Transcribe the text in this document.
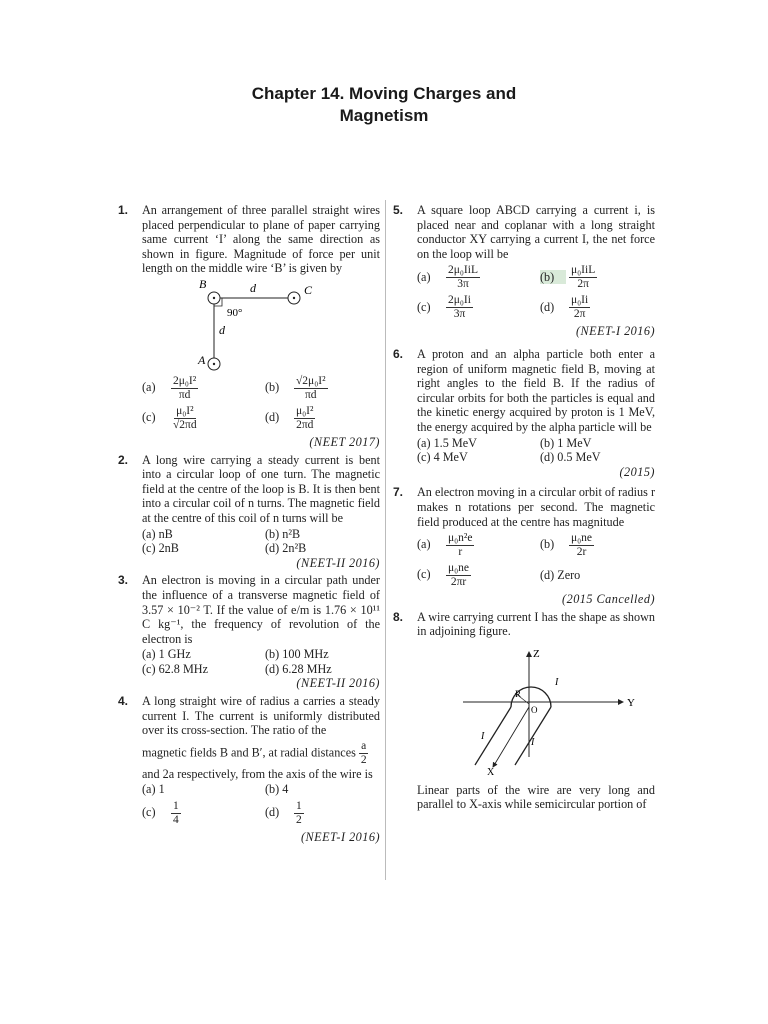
Chapter 14. Moving Charges and
Magnetism
1. An arrangement of three parallel straight wires placed perpendicular to plane of paper carrying same current ‘I’ along the same direction as shown in figure. Magnitude of force per unit length on the middle wire ‘B’ is given by
B	d	C
90°
d
A
$(a) \frac{\text{2μ₀I²}}{\pi d}$	$(b) \frac{\text{√2μ₀I²}}{\pi d}$
$(c) \frac{\text{μ₀I²}}{√2\pi d}$	$(d) \frac{\text{μ₀I²}}{2\pi d}$
(NEET 2017)
2. A long wire carrying a steady current is bent into a circular loop of one turn. The magnetic field at the centre of the loop is B. It is then bent into a circular coil of n turns. The magnetic field at the centre of this coil of n turns will be
(a) nB	(b) n²B
(c) 2nB	(d) 2n²B
(NEET-II 2016)
3. An electron is moving in a circular path under the influence of a transverse magnetic field of 3.57 × 10⁻² T. If the value of e/m is 1.76 × 10¹¹ C kg⁻¹, the frequency of revolution of the electron is
(a) 1 GHz	(b) 100 MHz
(c) 62.8 MHz	(d) 6.28 MHz
(NEET-II 2016)
4. A long straight wire of radius a carries a steady current I. The current is uniformly distributed over its cross-section. The ratio of the
magnetic fields B and B′, at radial distances $\frac{a}{2}$
and 2a respectively, from the axis of the wire is
(a) 1	(b) 4
$(c) \frac{1}{4}$	$(d) \frac{1}{2}$
(NEET-I 2016)
5. A square loop ABCD carrying a current i, is placed near and coplanar with a long straight conductor XY carrying a current I, the net force on the loop will be
$(a) \frac{\text{2μ₀IiL}}{3\pi}$	$(b) \frac{\text{μ₀IiL}}{2\pi}$
$(c) \frac{\text{2μ₀Ii}}{3\pi}$	$(d) \frac{\text{μ₀Ii}}{2\pi}$
(NEET-I 2016)
6. A proton and an alpha particle both enter a region of uniform magnetic field B, moving at right angles to the field B. If the radius of circular orbits for both the particles is equal and the kinetic energy acquired by proton is 1 MeV, the energy acquired by the alpha particle will be
(a) 1.5 MeV	(b) 1 MeV
(c) 4 MeV	(d) 0.5 MeV
(2015)
7. An electron moving in a circular orbit of radius r makes n rotations per second. The magnetic field produced at the centre has magnitude
$(a) \frac{\text{μ₀n²e}}{r}$	$(b) \frac{\text{μ₀ne}}{2r}$
$(c) \frac{\text{μ₀ne}}{2\pi r}$	(d) Zero
(2015 Cancelled)
8. A wire carrying current I has the shape as shown in adjoining figure.
Y
Z
O
R
X
I
I
I
Linear parts of the wire are very long and parallel to X-axis while semicircular portion of
